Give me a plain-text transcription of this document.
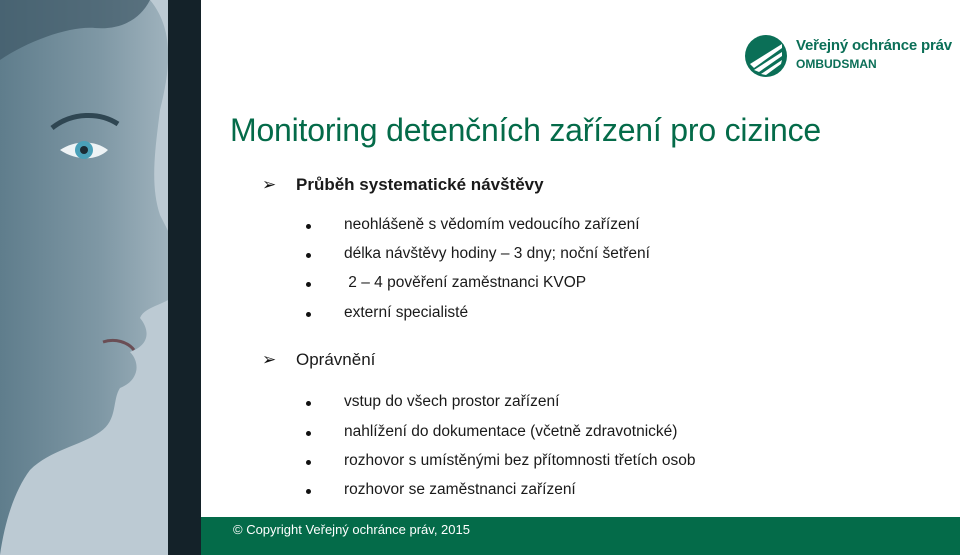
Veřejný ochránce práv
OMBUDSMAN
Monitoring detenčních zařízení pro cizince
➢ Průběh systematické návštěvy
neohlášeně s vědomím vedoucího zařízení
délka návštěvy hodiny – 3 dny; noční šetření
2 – 4 pověření zaměstnanci KVOP
externí specialisté
➢ Oprávnění
vstup do všech prostor zařízení
nahlížení do dokumentace (včetně zdravotnické)
rozhovor s umístěnými bez přítomnosti třetích osob
rozhovor se zaměstnanci zařízení
© Copyright Veřejný ochránce práv, 2015
